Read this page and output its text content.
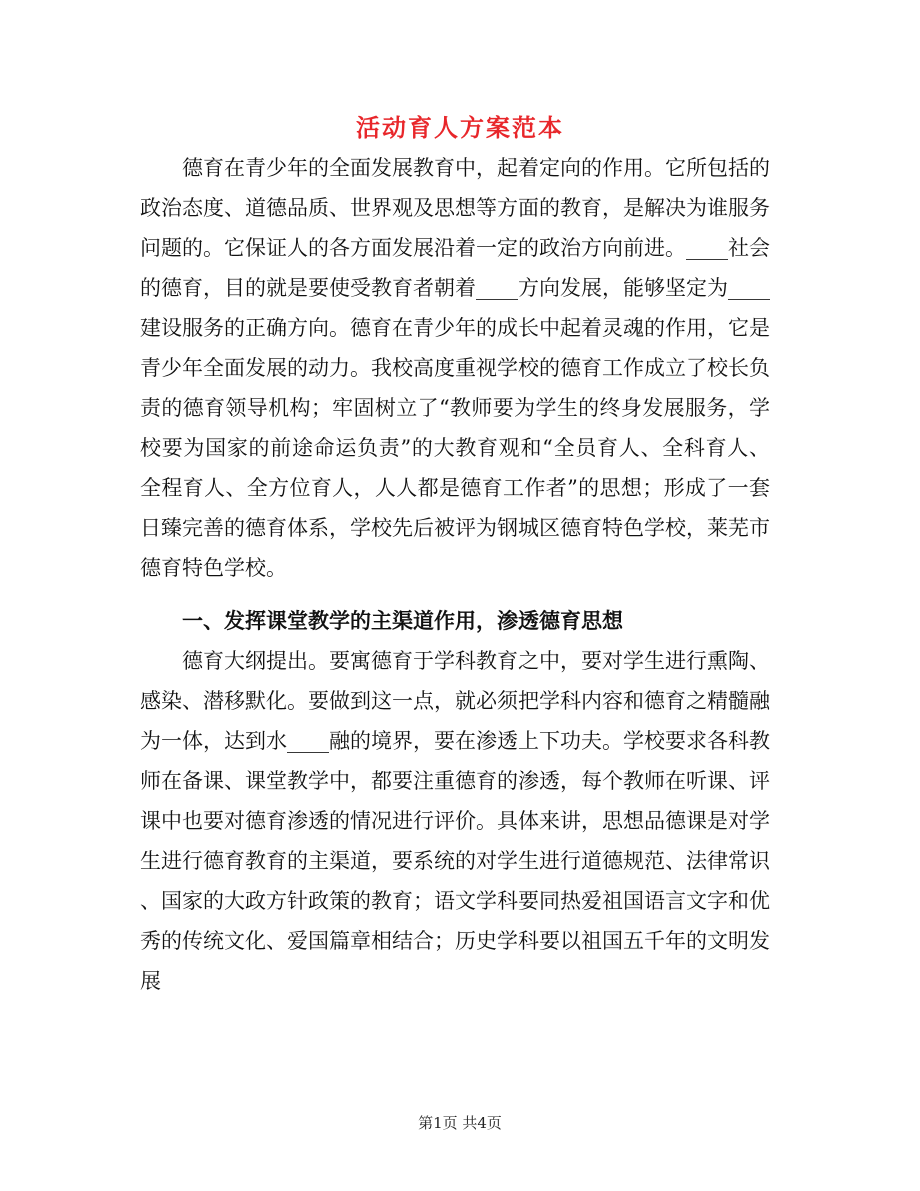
活动育人方案范本
德育在青少年的全面发展教育中，起着定向的作用。它所包括的
政治态度、道德品质、世界观及思想等方面的教育，是解决为谁服务
问题的。它保证人的各方面发展沿着一定的政治方向前进。____社会
的德育，目的就是要使受教育者朝着____方向发展，能够坚定为____
建设服务的正确方向。德育在青少年的成长中起着灵魂的作用，它是
青少年全面发展的动力。我校高度重视学校的德育工作成立了校长负
责的德育领导机构；牢固树立了“教师要为学生的终身发展服务，学
校要为国家的前途命运负责”的大教育观和“全员育人、全科育人、
全程育人、全方位育人，人人都是德育工作者”的思想；形成了一套
日臻完善的德育体系，学校先后被评为钢城区德育特色学校，莱芜市
德育特色学校。
一、发挥课堂教学的主渠道作用，渗透德育思想
德育大纲提出。要寓德育于学科教育之中，要对学生进行熏陶、
感染、潜移默化。要做到这一点，就必须把学科内容和德育之精髓融
为一体，达到水____融的境界，要在渗透上下功夫。学校要求各科教
师在备课、课堂教学中，都要注重德育的渗透，每个教师在听课、评
课中也要对德育渗透的情况进行评价。具体来讲，思想品德课是对学
生进行德育教育的主渠道，要系统的对学生进行道德规范、法律常识
、国家的大政方针政策的教育；语文学科要同热爱祖国语言文字和优
秀的传统文化、爱国篇章相结合；历史学科要以祖国五千年的文明发
展
第1页 共4页
